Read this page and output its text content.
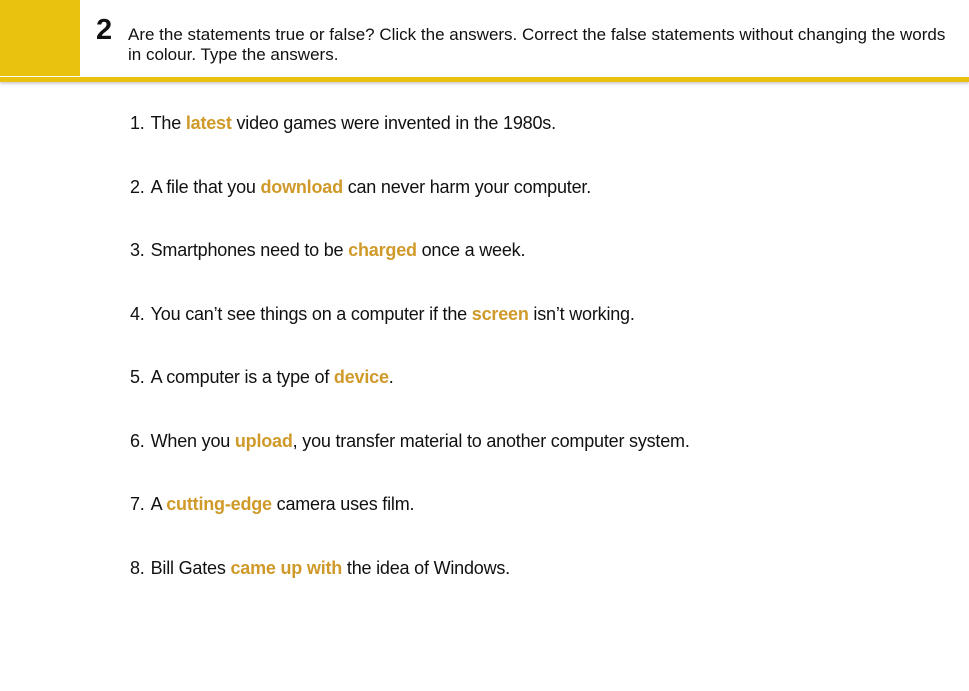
2 Are the statements true or false? Click the answers. Correct the false statements without changing the words in colour. Type the answers.
1. The latest video games were invented in the 1980s.
2. A file that you download can never harm your computer.
3. Smartphones need to be charged once a week.
4. You can’t see things on a computer if the screen isn’t working.
5. A computer is a type of device.
6. When you upload, you transfer material to another computer system.
7. A cutting-edge camera uses film.
8. Bill Gates came up with the idea of Windows.
